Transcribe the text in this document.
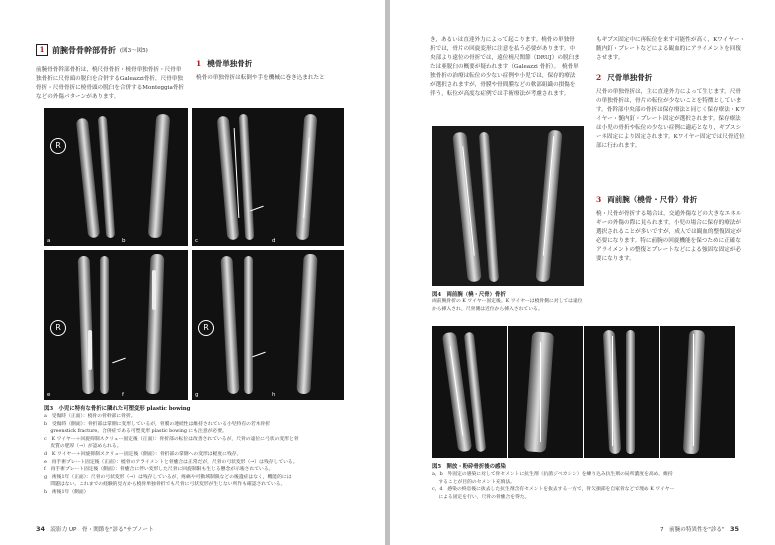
1 前腕骨骨幹部骨折 (図3～図5)
前腕骨骨幹部骨折は，橈尺骨骨折・橈骨単独骨折・尺骨単独骨折に尺骨頭の脱臼を合併するGaleazzi骨折，尺骨単独骨折・尺骨骨折に橈骨頭の脱臼を合併するMonteggia骨折などの外傷パターンがあります。
1 橈骨単独骨折
橈骨の単独骨折は転倒や手を機械に巻き込まれたと
R
a	b	c	d
R
e	f
R
g	h
図3　小児に特有な骨折に隣れた可塑変形 plastic bowing
a　受傷時（正面）：橈骨の骨幹部に骨折。
b　受傷時（側面）：骨折部は掌側に変形しているが，骨膜の連続性は維持されている小児特有の若木骨折
　 greenstick fracture。合併症である可塑変形 plastic bowing にも注意が必要。
c　K ワイヤー＋回旋抑制スクリュー固定後（正面）：骨折部の転位は改善されているが，尺骨の遠位に弓状の変形と骨
　 皮質の肥厚（→）が認められる。
d　K ワイヤー＋回旋抑制スクリュー固定後（側面）：骨折部の掌側への変形は軽度に残存。
e　再手術プレート固定後（正面）：橈骨のアライメントと骨癒合は正常だが，尺骨の弓状変形（→）は残存している。
f　再手術プレート固定後（側面）：骨癒合に伴い変形した尺骨に回旋制限も生じる懸念が示唆されている。
g　術後1年（正面）：尺骨の弓状変形（→）は残存しているが，疼痛や可動域制限などの後遺症はなく，機能的には
　 問題はない。これまでの経験的見方から橈骨単独骨折でも尺骨に弓状変形が生じない所作も確認されている。
h　術後1年（側面）
34 読影力 UP　骨・関節を"診る"サブノート
き，あるいは直達外力によって起こります。橈骨の単独骨折では，骨片の回旋変形に注意を払う必要があります。中央部より遠位の骨折では，遠位橈尺関節（DRUJ）の脱臼または亜脱臼の概要が疑われます（Galeazzi 骨折）。　橈骨単独骨折の治療は転位の少ない症例や小児では，保存的療法が選択されますが，骨膜や骨間膜などの軟部組織の損傷を伴う，転位が高度な症例では手術療法が考慮されます。
図4　両前腕（橈・尺骨）骨折
両前腕骨折の K ワイヤー固定後。K ワイヤーは橈骨側に対しては遠位から挿入され，尺骨側は近位から挿入されている。
もギプス固定中に再転位を来す可能性が高く，Kワイヤー・髄内釘・プレートなどによる観血的にアライメントを回復させます。
2 尺骨単独骨折
尺骨の単独骨折は，主に直達外力によって生じます。尺骨の単独骨折は，骨片の転位が少ないことを特徴としています。骨幹部中央部の骨折は保存療法と同じく保存療法・Kワイヤー・髄内釘・プレート固定が選択されます。保存療法は小児の骨折や転位の少ない症例に適応となり，ギプスシーネ固定により固定されます。Kワイヤー固定では尺骨近位部に行われます。
3 両前腕（橈骨・尺骨）骨折
橈・尺骨が骨折する場合は，交通外傷などの大きなエネルギーの外傷の際に見られます。小児の場合に保存的療法が選択されることが多いですが，成人では観血的整復固定が必要になります。特に前腕の回旋機能を保つために正確なアライメントの整復とプレートなどによる強固な固定が必要になります。
図5　開放・粉砕骨折後の感染
a，b　外固定の感染に対して骨セメントに抗生剤（抗菌ジベカシン）を練り込み抗生剤の局所濃度を高め，維持
　 することが目的のセメント充填法。
c，d　感染の終息後に抜去した抗生剤含有セメントを抜去する一方で，骨欠損部を自家骨などで埋め K ワイヤー
　 による固定を行い，尺骨の骨癒合を得た。
7　前腕の特異性を"診る" 35
